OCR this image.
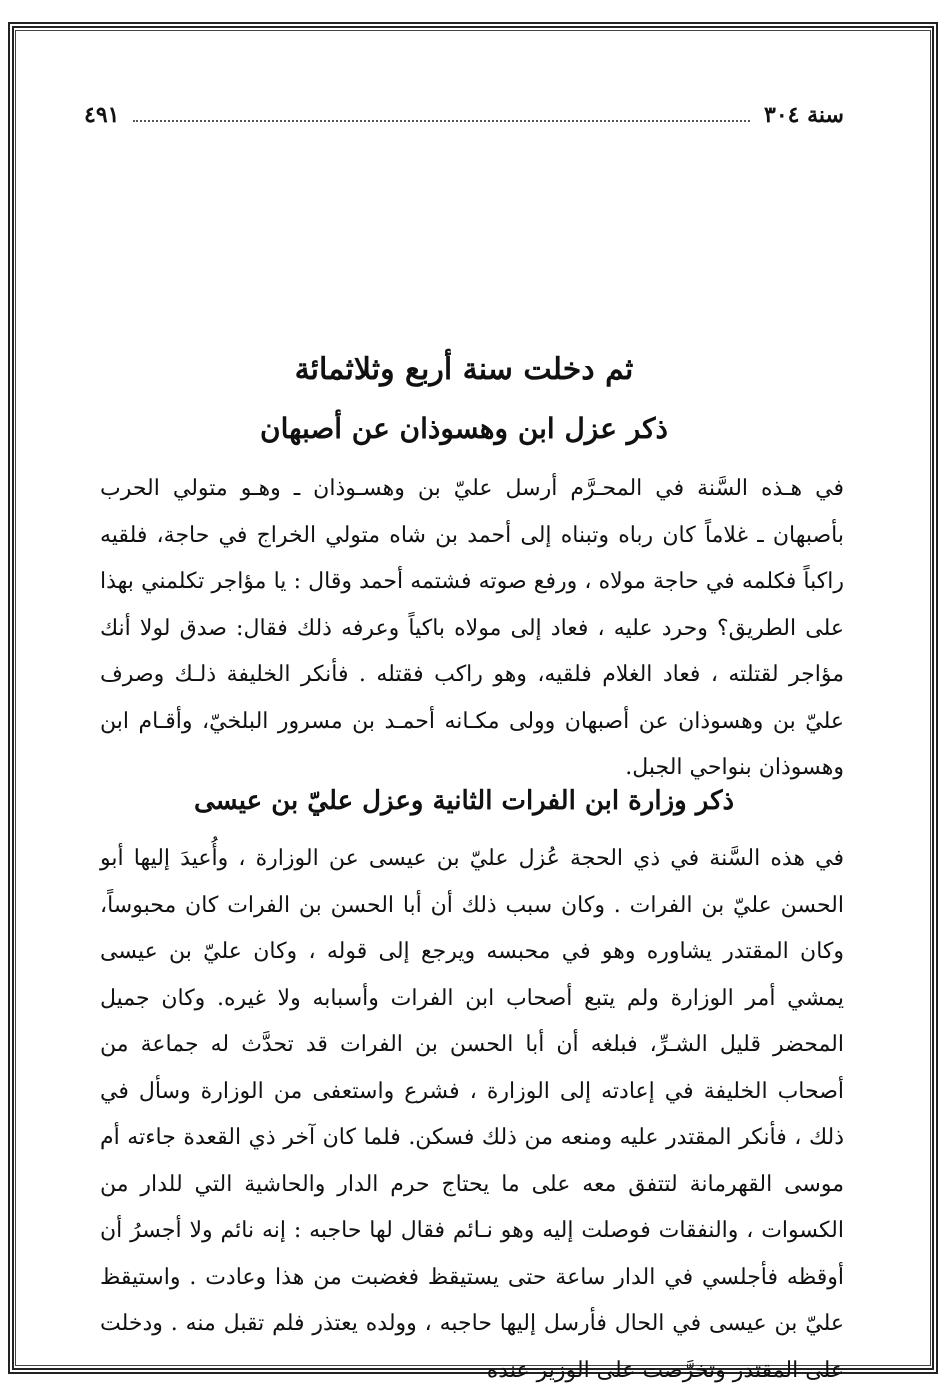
سنة ٣٠٤
٤٩١
ثم دخلت سنة أربع وثلاثمائة
ذكر عزل ابن وهسوذان عن أصبهان

في هـذه السَّنة في المحـرَّم أرسل عليّ بن وهسـوذان ـ وهـو متولي الحرب بأصبهان ـ غلاماً كان رباه وتبناه إلى أحمد بن شاه متولي الخراج في حاجة، فلقيه راكباً فكلمه في حاجة مولاه ، ورفع صوته فشتمه أحمد وقال : يا مؤاجر تكلمني بهذا على الطريق؟ وحرد عليه ، فعاد إلى مولاه باكياً وعرفه ذلك فقال: صدق لولا أنك مؤاجر لقتلته ، فعاد الغلام فلقيه، وهو راكب فقتله . فأنكر الخليفة ذلـك وصرف عليّ بن وهسوذان عن أصبهان وولى مكـانه أحمـد بن مسرور البلخيّ، وأقـام ابن وهسوذان بنواحي الجبل.

ذكر وزارة ابن الفرات الثانية وعزل عليّ بن عيسى

في هذه السَّنة في ذي الحجة عُزل عليّ بن عيسى عن الوزارة ، وأُعيدَ إليها أبو الحسن عليّ بن الفرات . وكان سبب ذلك أن أبا الحسن بن الفرات كان محبوساً، وكان المقتدر يشاوره وهو في محبسه ويرجع إلى قوله ، وكان عليّ بن عيسى يمشي أمر الوزارة ولم يتبع أصحاب ابن الفرات وأسبابه ولا غيره. وكان جميل المحضر قليل الشـرِّ، فبلغه أن أبا الحسن بن الفرات قد تحدَّث له جماعة من أصحاب الخليفة في إعادته إلى الوزارة ، فشرع واستعفى من الوزارة وسأل في ذلك ، فأنكر المقتدر عليه ومنعه من ذلك فسكن. فلما كان آخر ذي القعدة جاءته أم موسى القهرمانة لتتفق معه على ما يحتاج حرم الدار والحاشية التي للدار من الكسوات ، والنفقات فوصلت إليه وهو نـائم فقال لها حاجبه : إنه نائم ولا أجسرُ أن أوقظه فأجلسي في الدار ساعة حتى يستيقظ فغضبت من هذا وعادت . واستيقظ عليّ بن عيسى في الحال فأرسل إليها حاجبه ، وولده يعتذر فلم تقبل منه . ودخلت على المقتدر وتخرَّصت على الوزير عنده
